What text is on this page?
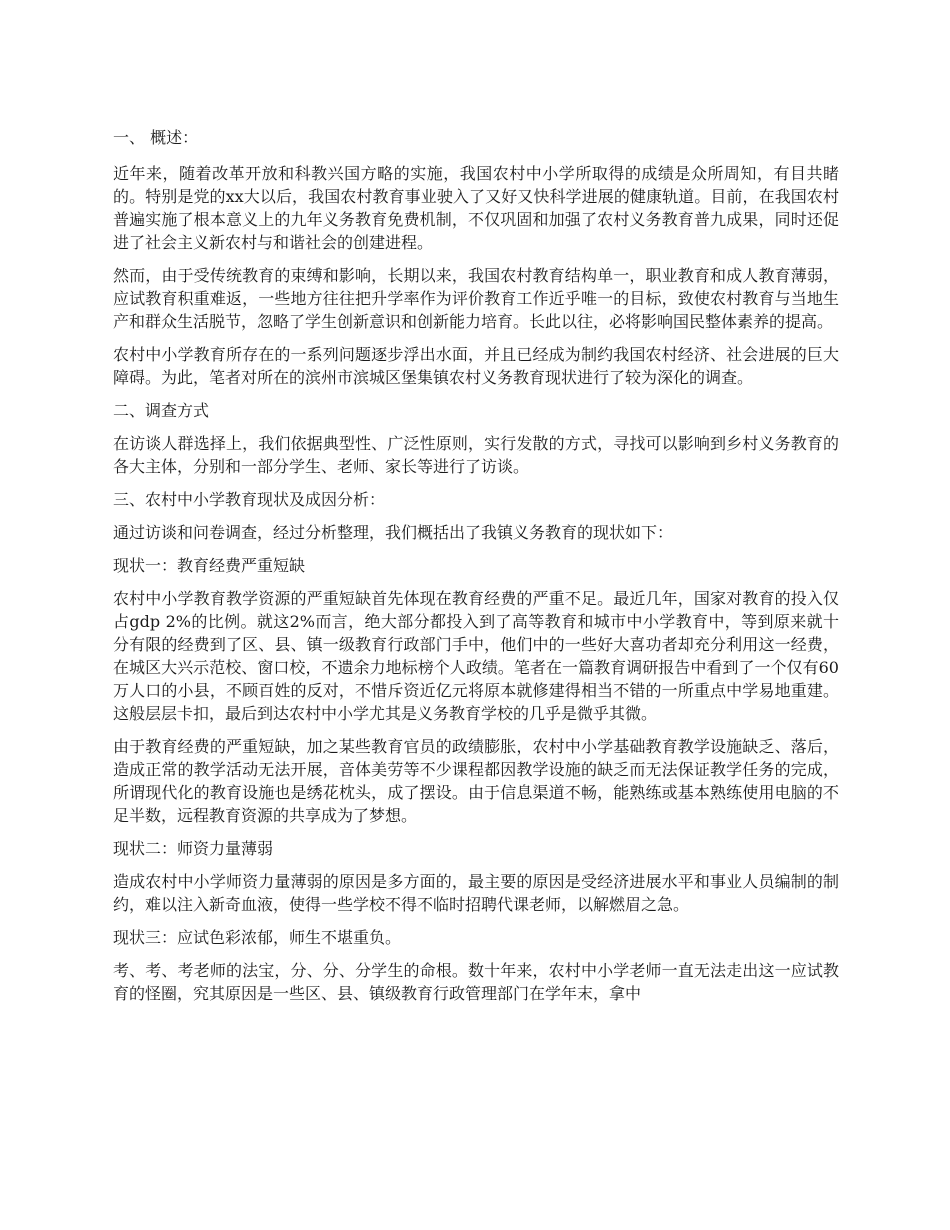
一、 概述：

近年来，随着改革开放和科教兴国方略的实施，我国农村中小学所取得的成绩是众所周知，有目共睹的。特别是党的xx大以后，我国农村教育事业驶入了又好又快科学进展的健康轨道。目前，在我国农村普遍实施了根本意义上的九年义务教育免费机制，不仅巩固和加强了农村义务教育普九成果，同时还促进了社会主义新农村与和谐社会的创建进程。

然而，由于受传统教育的束缚和影响，长期以来，我国农村教育结构单一，职业教育和成人教育薄弱，应试教育积重难返，一些地方往往把升学率作为评价教育工作近乎唯一的目标，致使农村教育与当地生产和群众生活脱节，忽略了学生创新意识和创新能力培育。长此以往，必将影响国民整体素养的提高。

农村中小学教育所存在的一系列问题逐步浮出水面，并且已经成为制约我国农村经济、社会进展的巨大障碍。为此，笔者对所在的滨州市滨城区堡集镇农村义务教育现状进行了较为深化的调查。

二、调查方式

在访谈人群选择上，我们依据典型性、广泛性原则，实行发散的方式，寻找可以影响到乡村义务教育的各大主体，分别和一部分学生、老师、家长等进行了访谈。

三、农村中小学教育现状及成因分析：

通过访谈和问卷调查，经过分析整理，我们概括出了我镇义务教育的现状如下：

现状一：教育经费严重短缺

农村中小学教育教学资源的严重短缺首先体现在教育经费的严重不足。最近几年，国家对教育的投入仅占gdp 2%的比例。就这2%而言，绝大部分都投入到了高等教育和城市中小学教育中，等到原来就十分有限的经费到了区、县、镇一级教育行政部门手中，他们中的一些好大喜功者却充分利用这一经费，在城区大兴示范校、窗口校，不遗余力地标榜个人政绩。笔者在一篇教育调研报告中看到了一个仅有60万人口的小县，不顾百姓的反对，不惜斥资近亿元将原本就修建得相当不错的一所重点中学易地重建。这般层层卡扣，最后到达农村中小学尤其是义务教育学校的几乎是微乎其微。

由于教育经费的严重短缺，加之某些教育官员的政绩膨胀，农村中小学基础教育教学设施缺乏、落后，造成正常的教学活动无法开展，音体美劳等不少课程都因教学设施的缺乏而无法保证教学任务的完成，所谓现代化的教育设施也是绣花枕头，成了摆设。由于信息渠道不畅，能熟练或基本熟练使用电脑的不足半数，远程教育资源的共享成为了梦想。

现状二：师资力量薄弱

造成农村中小学师资力量薄弱的原因是多方面的，最主要的原因是受经济进展水平和事业人员编制的制约，难以注入新奇血液，使得一些学校不得不临时招聘代课老师，以解燃眉之急。

现状三：应试色彩浓郁，师生不堪重负。

考、考、考老师的法宝，分、分、分学生的命根。数十年来，农村中小学老师一直无法走出这一应试教育的怪圈，究其原因是一些区、县、镇级教育行政管理部门在学年末，拿中
